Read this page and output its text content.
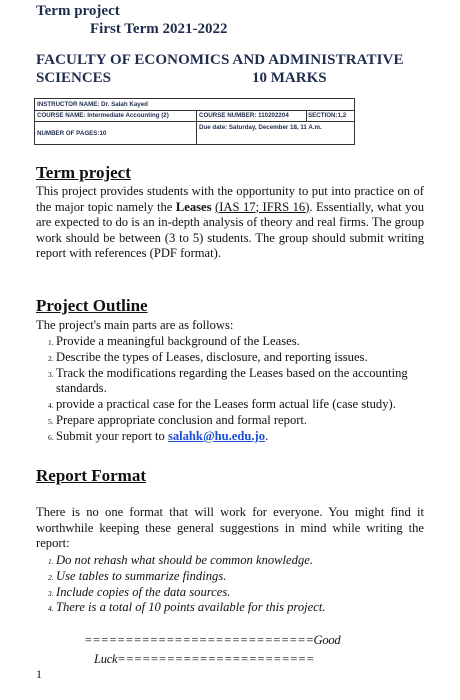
Term project
First Term 2021-2022
FACULTY OF ECONOMICS AND ADMINISTRATIVE
SCIENCES	10 MARKS
INSTRUCTOR NAME: Dr. Salah Kayed
COURSE NAME: Intermediate Accounting (2)	COURSE NUMBER: 110202204	SECTION:1,2
NUMBER OF PAGES:10
Due date: Saturday, December 18, 11 A.m.
Term project
This project provides students with the opportunity to put into practice on of the major topic namely the Leases (IAS 17; IFRS 16). Essentially, what you are expected to do is an in-depth analysis of theory and real firms. The group work should be between (3 to 5) students. The group should submit writing report with references (PDF format).
Project Outline
The project's main parts are as follows:
1. Provide a meaningful background of the Leases.
2. Describe the types of Leases, disclosure, and reporting issues.
3. Track the modifications regarding the Leases based on the accounting standards.
4. provide a practical case for the Leases form actual life (case study).
5. Prepare appropriate conclusion and formal report.
6. Submit your report to salahk@hu.edu.jo.
Report Format
There is no one format that will work for everyone. You might find it worthwhile keeping these general suggestions in mind while writing the report:
1. Do not rehash what should be common knowledge.
2. Use tables to summarize findings.
3. Include copies of the data sources.
4. There is a total of 10 points available for this project.
============================Good
Luck========================
1
